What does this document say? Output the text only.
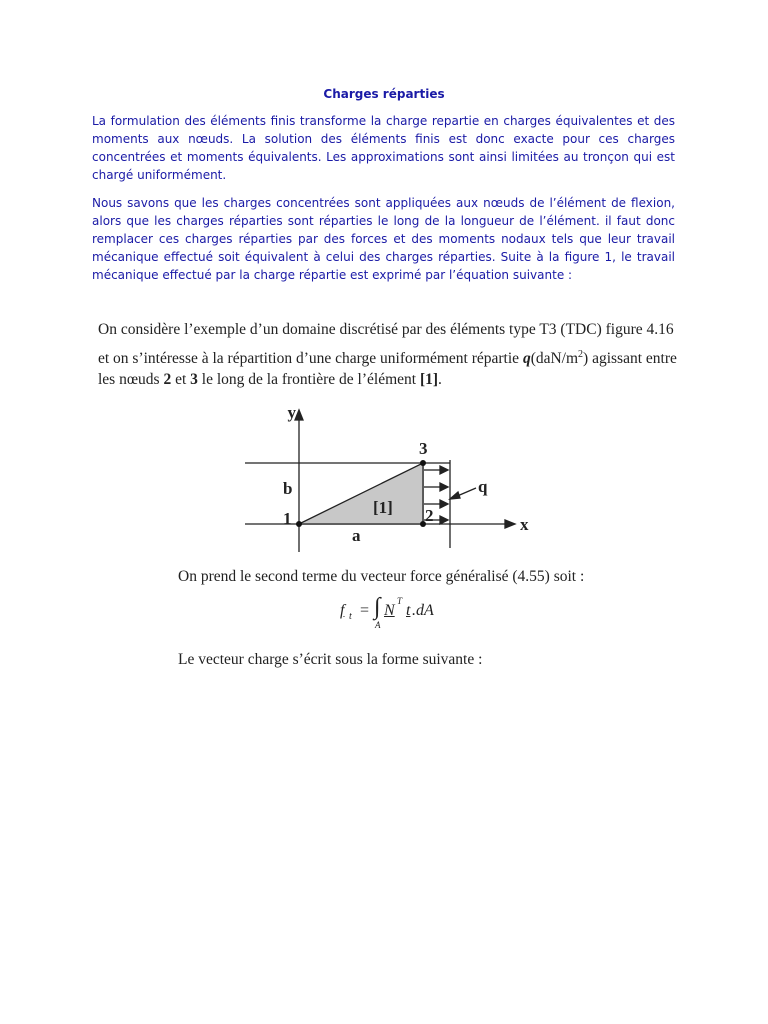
Charges réparties

La formulation des éléments finis transforme la charge repartie en charges équivalentes et des moments aux nœuds. La solution des éléments finis est donc exacte pour ces charges concentrées et moments équivalents. Les approximations sont ainsi limitées au tronçon qui est chargé uniformément.

Nous savons que les charges concentrées sont appliquées aux nœuds de l’élément de flexion, alors que les charges réparties sont réparties le long de la longueur de l’élément. il faut donc remplacer ces charges réparties par des forces et des moments nodaux tels que leur travail mécanique effectué soit équivalent à celui des charges réparties. Suite à la figure 1, le travail mécanique effectué par la charge répartie est exprimé par l’équation suivante :

On considère l’exemple d’un domaine discrétisé par des éléments type T3 (TDC) figure 4.16

et on s’intéresse à la répartition d’une charge uniformément répartie $q(daN/m^2)$ agissant entre

les nœuds 2 et 3 le long de la frontière de l’élément [1].

y
x
b
a
q
1	2
3
[1]

On prend le second terme du vecteur force généralisé (4.55) soit :

f t = ∫
A
N
T
t .dA

Le vecteur charge s’écrit sous la forme suivante :
